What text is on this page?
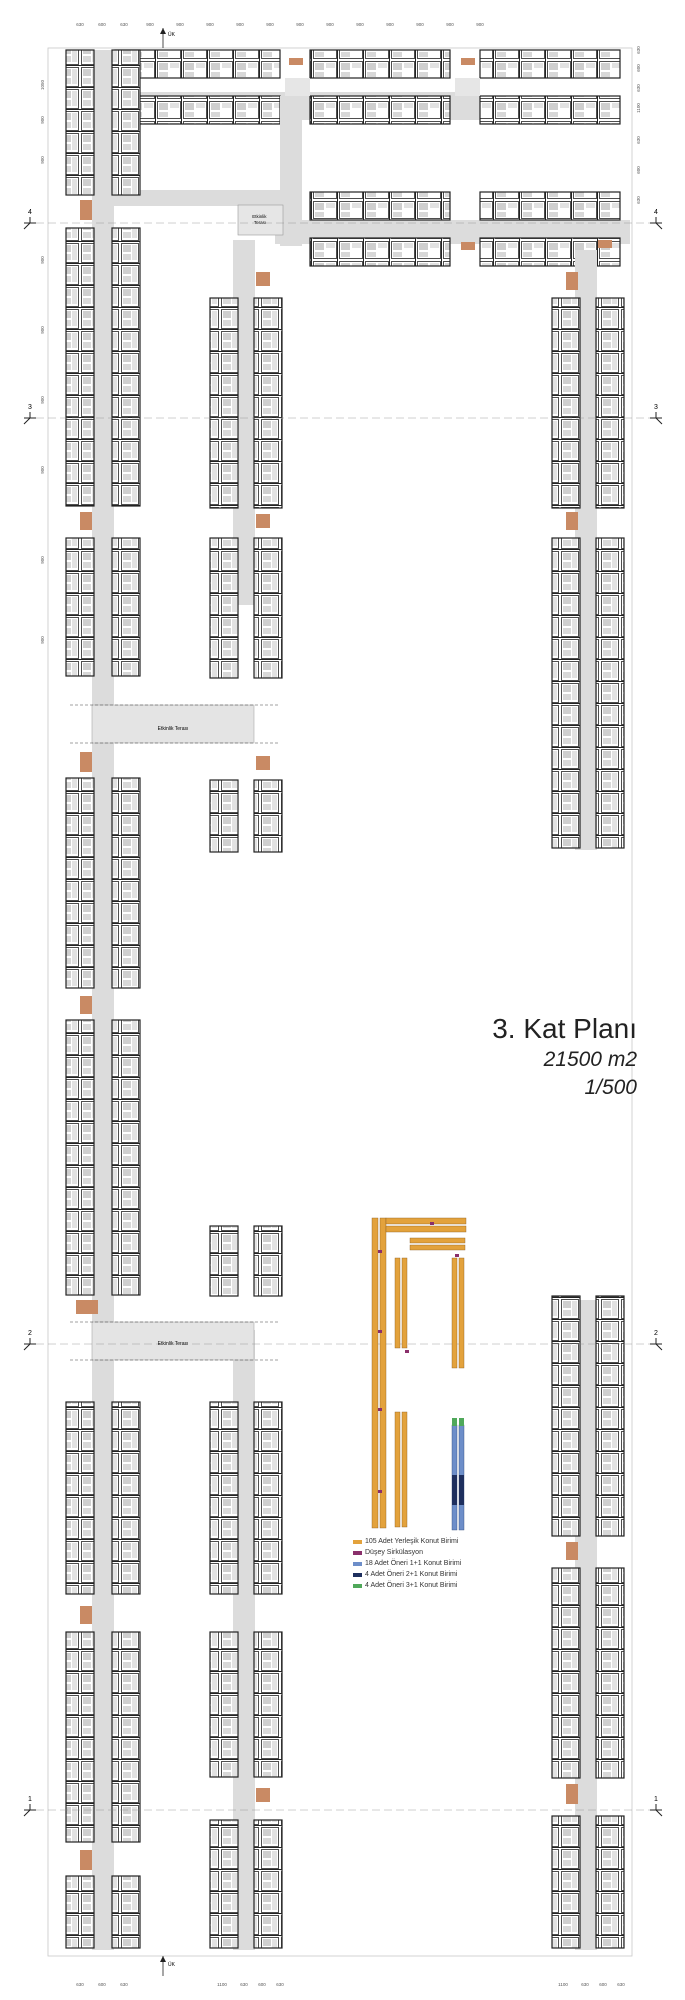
Etkinlik Terası
Etkinlik Terası
Etkinlik Terası
4	4
3	3
2	2
1	1
ÜK
ÜK
630	600	630	900	900	900	900	900	900	900	900	900	900	900	900
1050
900
900
900
900
900
900
900
900
630
600
630
1100
630
600
630
630	600	630	1100	630 600 630	1100	630 600 630
3. Kat Planı
21500 m2
1/500
105 Adet Yerleşik Konut Birimi
Düşey Sirkülasyon
18 Adet Öneri 1+1 Konut Birimi
4 Adet Öneri 2+1 Konut Birimi
4 Adet Öneri 3+1 Konut Birimi
